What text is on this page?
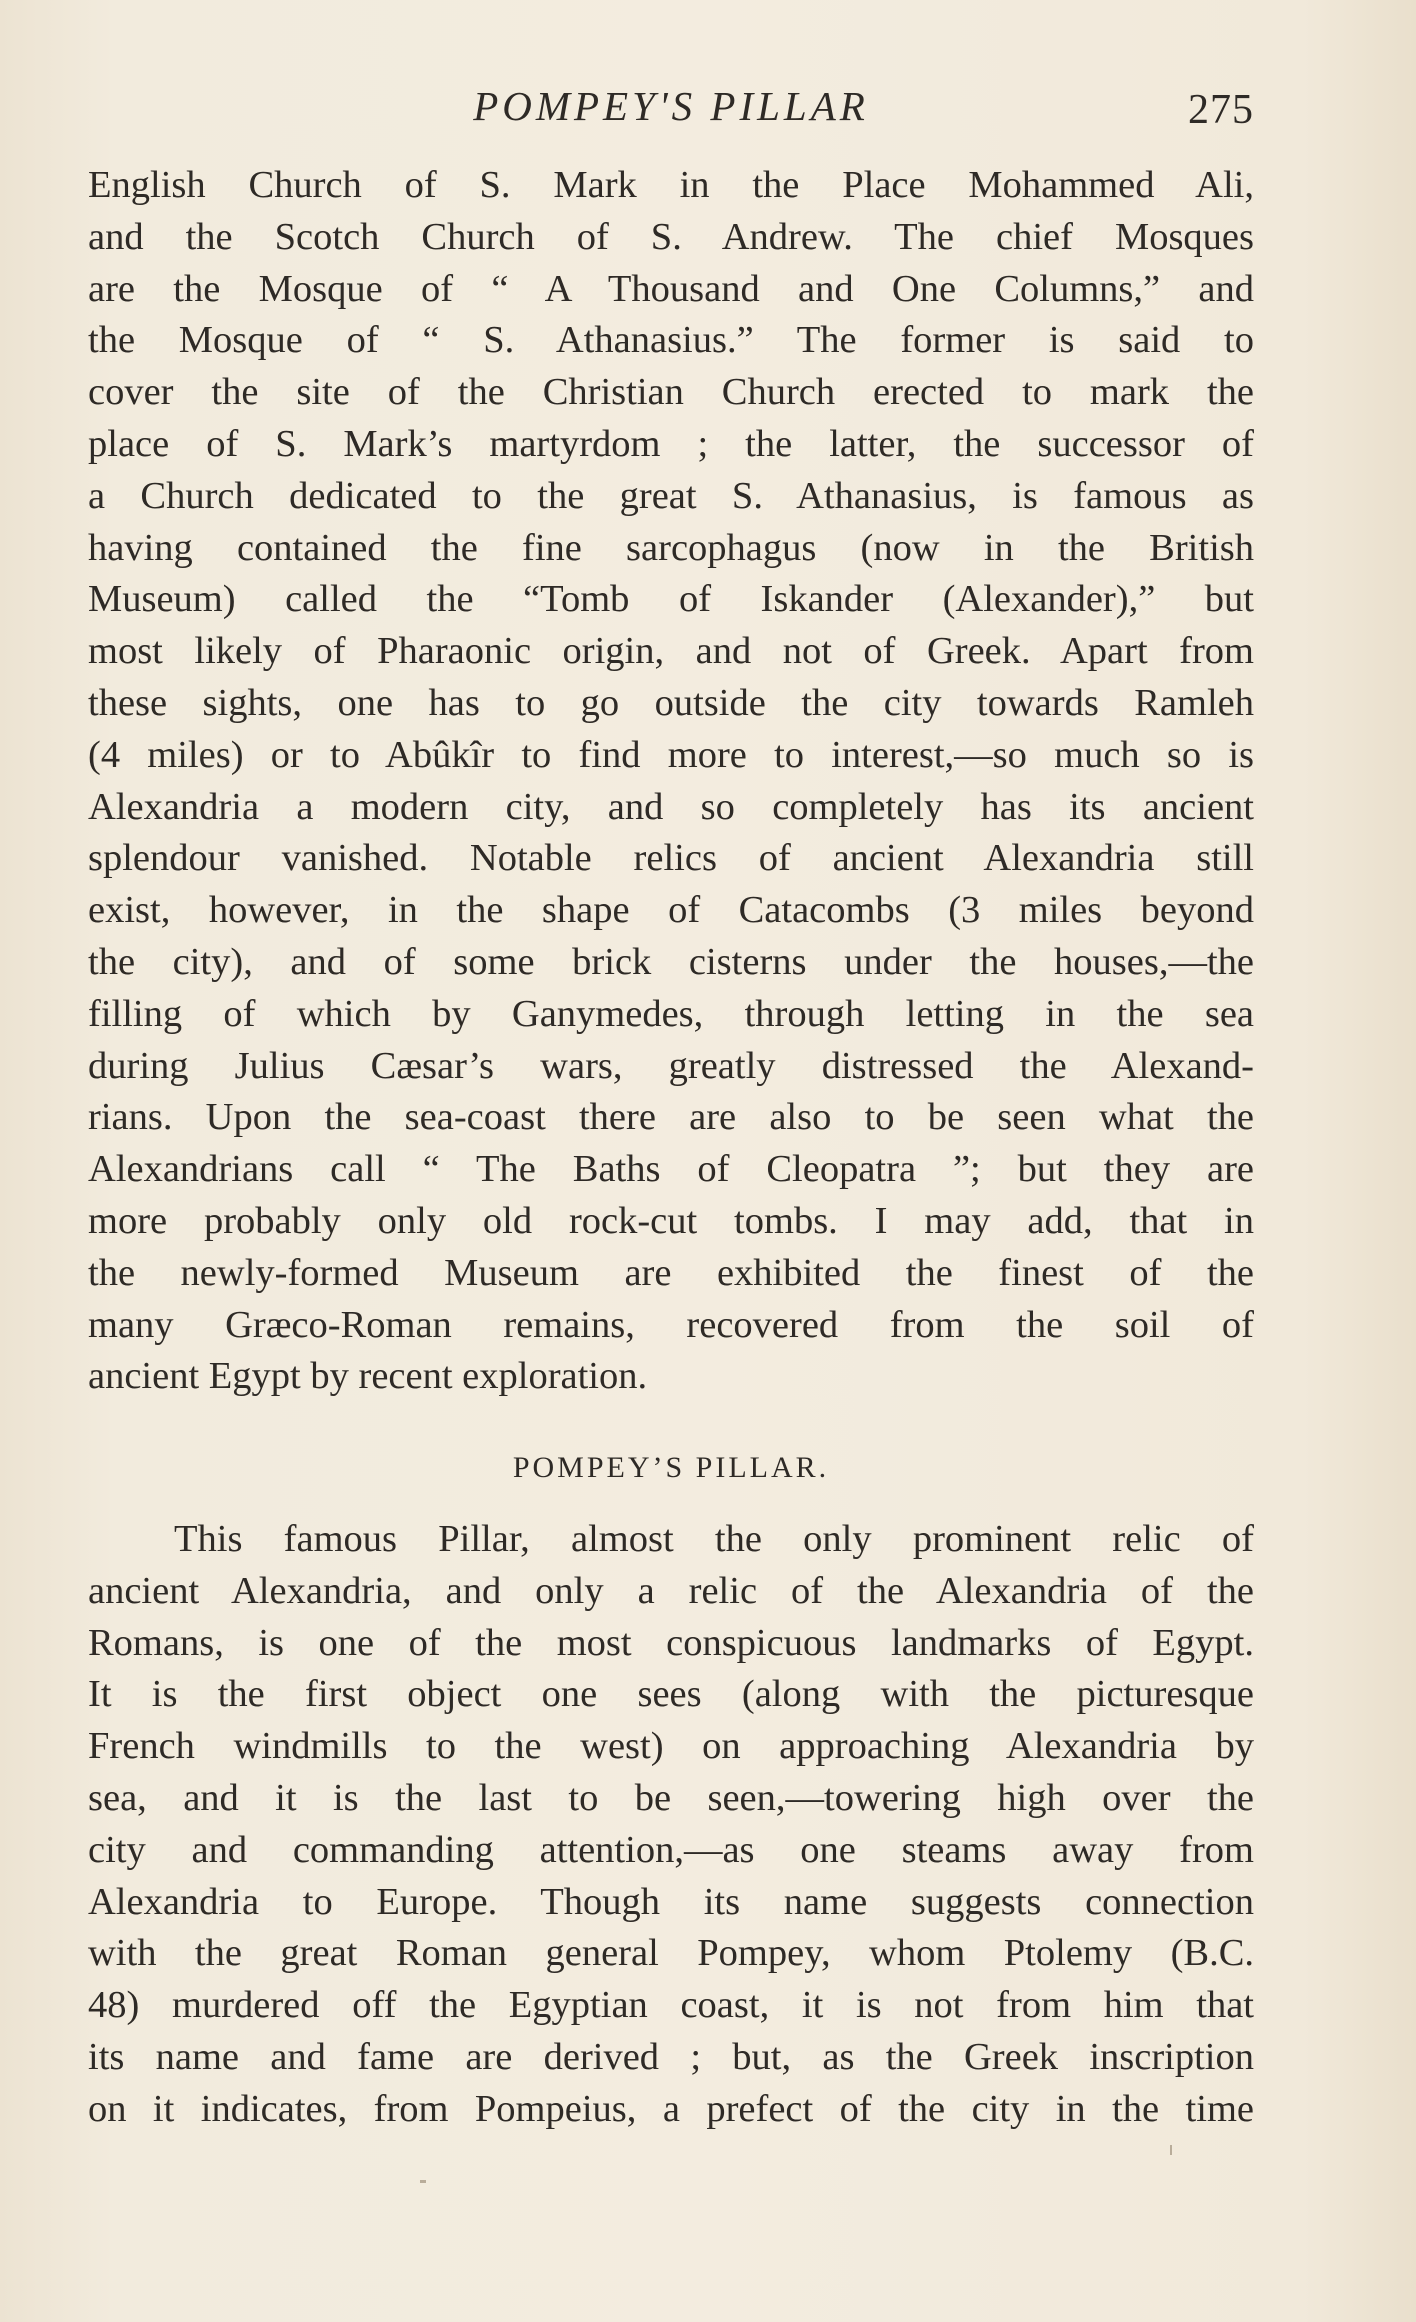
POMPEY'S PILLAR	275
English Church of S. Mark in the Place Mohammed Ali,
and the Scotch Church of S. Andrew. The chief Mosques
are the Mosque of “ A Thousand and One Columns,” and
the Mosque of “ S. Athanasius.” The former is said to
cover the site of the Christian Church erected to mark the
place of S. Mark’s martyrdom ; the latter, the successor of
a Church dedicated to the great S. Athanasius, is famous as
having contained the fine sarcophagus (now in the British
Museum) called the “Tomb of Iskander (Alexander),” but
most likely of Pharaonic origin, and not of Greek. Apart from
these sights, one has to go outside the city towards Ramleh
(4 miles) or to Abûkîr to find more to interest,—so much so is
Alexandria a modern city, and so completely has its ancient
splendour vanished. Notable relics of ancient Alexandria still
exist, however, in the shape of Catacombs (3 miles beyond
the city), and of some brick cisterns under the houses,—the
filling of which by Ganymedes, through letting in the sea
during Julius Cæsar’s wars, greatly distressed the Alexand-
rians. Upon the sea-coast there are also to be seen what the
Alexandrians call “ The Baths of Cleopatra ”; but they are
more probably only old rock-cut tombs. I may add, that in
the newly-formed Museum are exhibited the finest of the
many Græco-Roman remains, recovered from the soil of
ancient Egypt by recent exploration.
POMPEY’S PILLAR.
This famous Pillar, almost the only prominent relic of
ancient Alexandria, and only a relic of the Alexandria of the
Romans, is one of the most conspicuous landmarks of Egypt.
It is the first object one sees (along with the picturesque
French windmills to the west) on approaching Alexandria by
sea, and it is the last to be seen,—towering high over the
city and commanding attention,—as one steams away from
Alexandria to Europe. Though its name suggests connection
with the great Roman general Pompey, whom Ptolemy (B.C.
48) murdered off the Egyptian coast, it is not from him that
its name and fame are derived ; but, as the Greek inscription
on it indicates, from Pompeius, a prefect of the city in the time
